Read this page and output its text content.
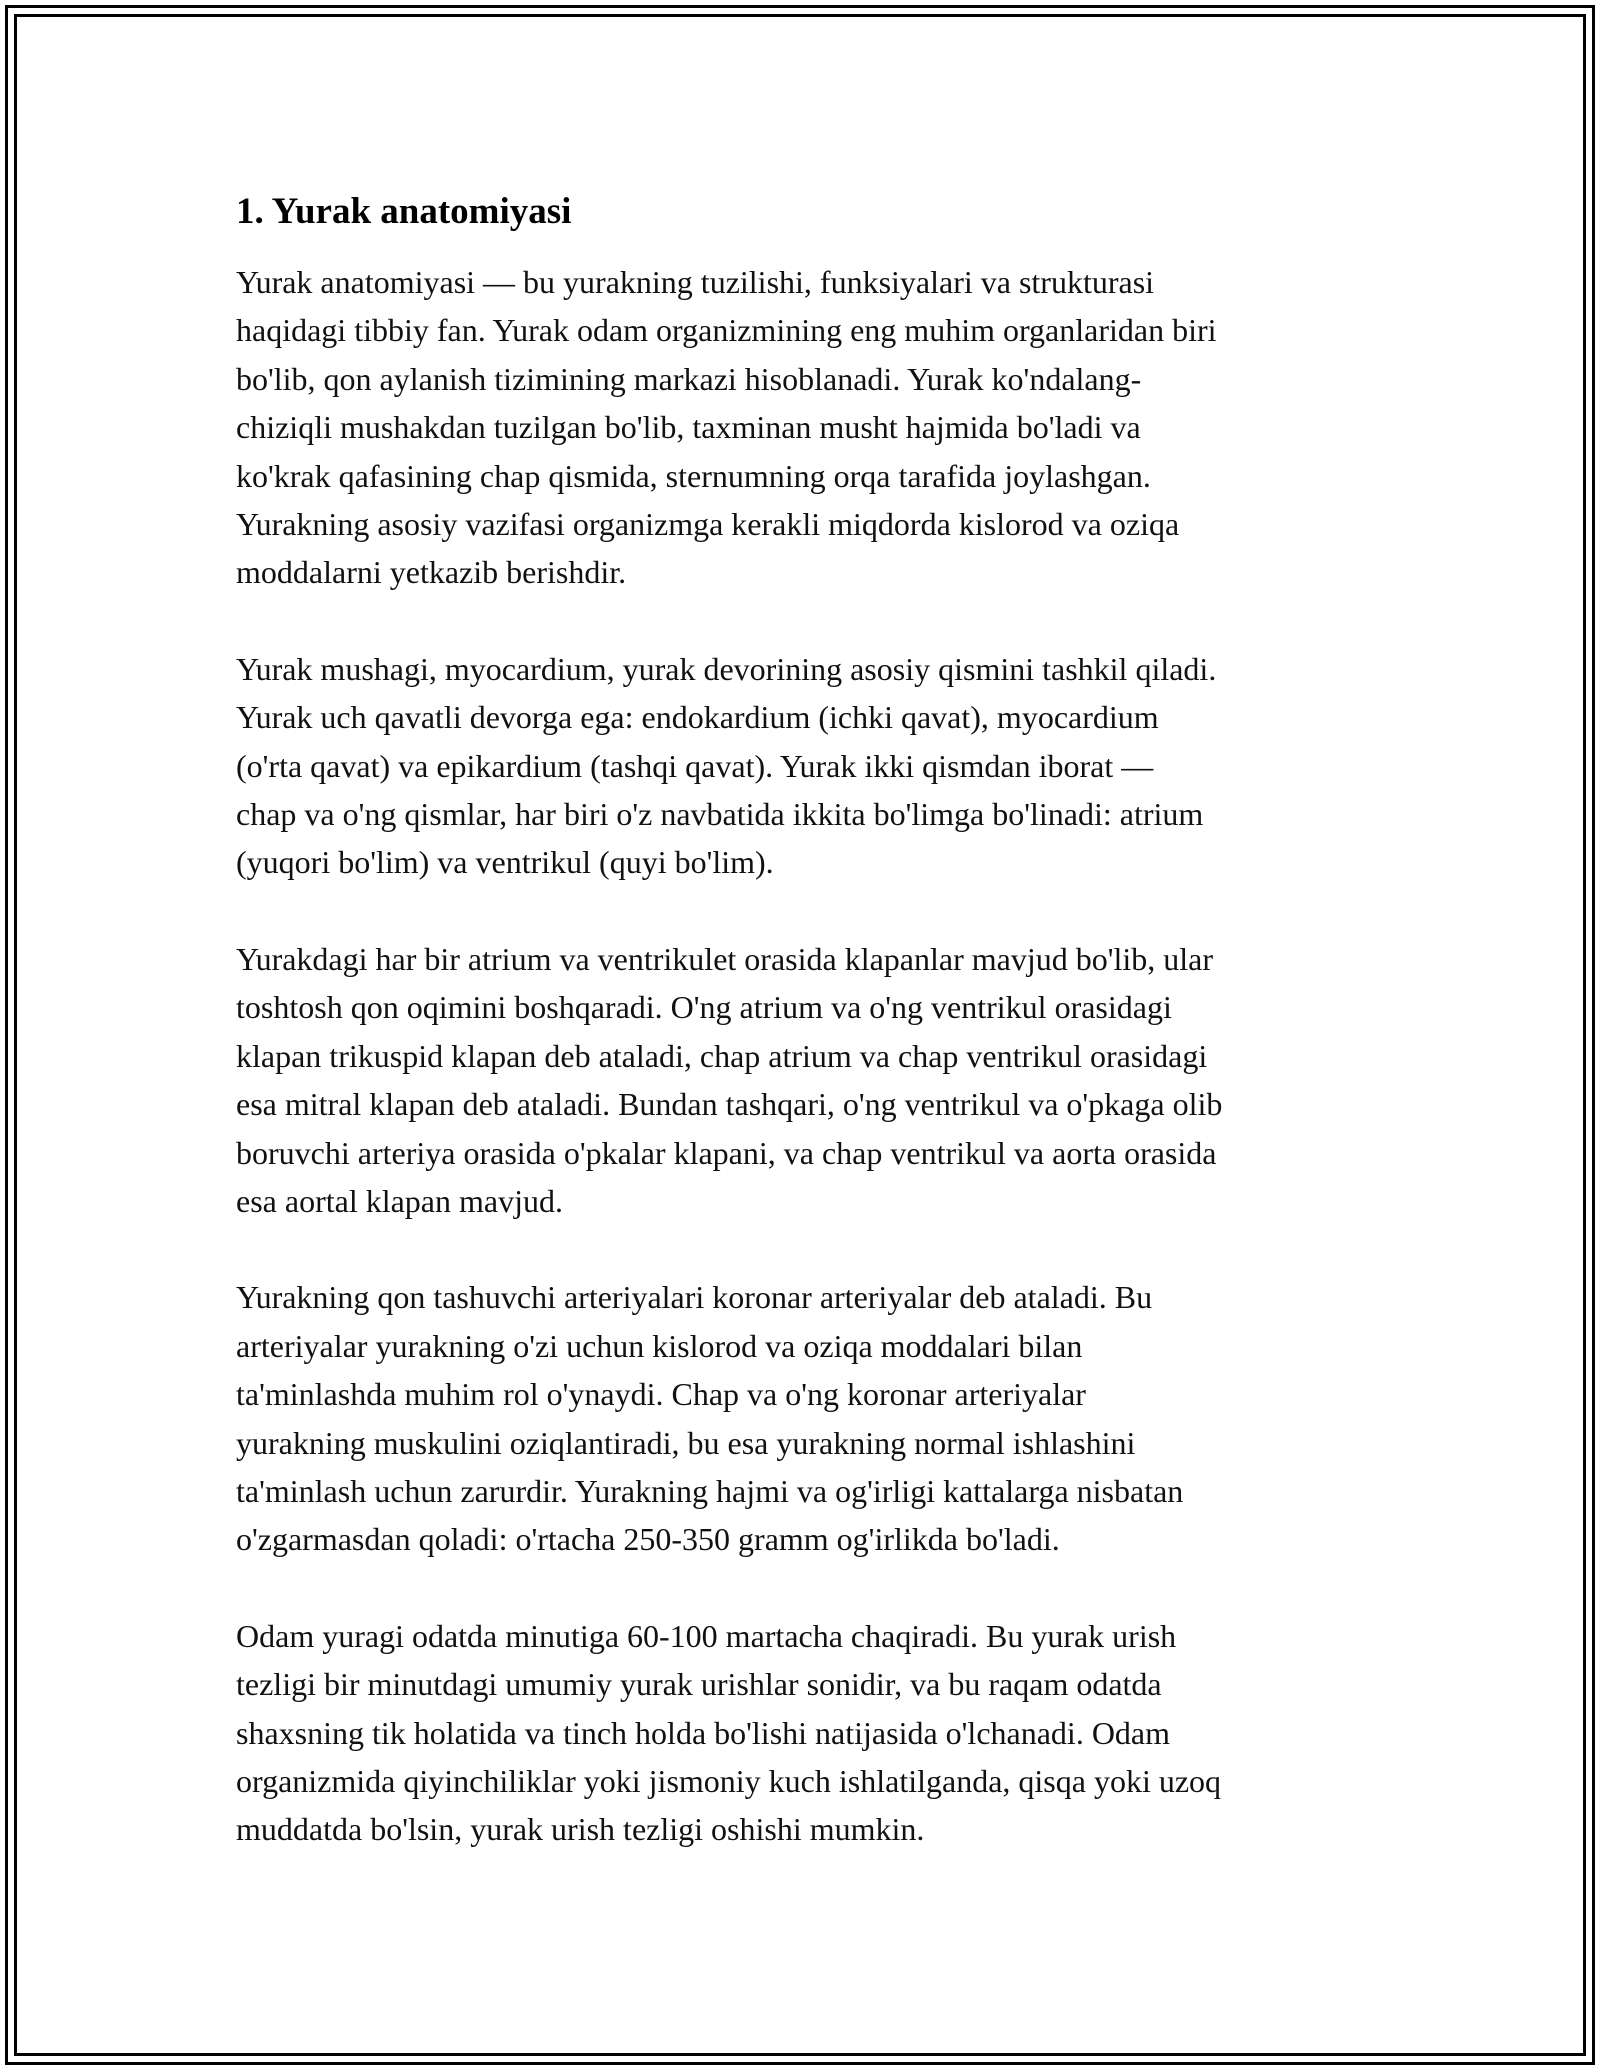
1. Yurak anatomiyasi

Yurak anatomiyasi — bu yurakning tuzilishi, funksiyalari va strukturasi
haqidagi tibbiy fan. Yurak odam organizmining eng muhim organlaridan biri
bo'lib, qon aylanish tizimining markazi hisoblanadi. Yurak ko'ndalang-
chiziqli mushakdan tuzilgan bo'lib, taxminan musht hajmida bo'ladi va
ko'krak qafasining chap qismida, sternumning orqa tarafida joylashgan.
Yurakning asosiy vazifasi organizmga kerakli miqdorda kislorod va oziqa
moddalarni yetkazib berishdir.

Yurak mushagi, myocardium, yurak devorining asosiy qismini tashkil qiladi.
Yurak uch qavatli devorga ega: endokardium (ichki qavat), myocardium
(o'rta qavat) va epikardium (tashqi qavat). Yurak ikki qismdan iborat —
chap va o'ng qismlar, har biri o'z navbatida ikkita bo'limga bo'linadi: atrium
(yuqori bo'lim) va ventrikul (quyi bo'lim).

Yurakdagi har bir atrium va ventrikulet orasida klapanlar mavjud bo'lib, ular
toshtosh qon oqimini boshqaradi. O'ng atrium va o'ng ventrikul orasidagi
klapan trikuspid klapan deb ataladi, chap atrium va chap ventrikul orasidagi
esa mitral klapan deb ataladi. Bundan tashqari, o'ng ventrikul va o'pkaga olib
boruvchi arteriya orasida o'pkalar klapani, va chap ventrikul va aorta orasida
esa aortal klapan mavjud.

Yurakning qon tashuvchi arteriyalari koronar arteriyalar deb ataladi. Bu
arteriyalar yurakning o'zi uchun kislorod va oziqa moddalari bilan
ta'minlashda muhim rol o'ynaydi. Chap va o'ng koronar arteriyalar
yurakning muskulini oziqlantiradi, bu esa yurakning normal ishlashini
ta'minlash uchun zarurdir. Yurakning hajmi va og'irligi kattalarga nisbatan
o'zgarmasdan qoladi: o'rtacha 250-350 gramm og'irlikda bo'ladi.

Odam yuragi odatda minutiga 60-100 martacha chaqiradi. Bu yurak urish
tezligi bir minutdagi umumiy yurak urishlar sonidir, va bu raqam odatda
shaxsning tik holatida va tinch holda bo'lishi natijasida o'lchanadi. Odam
organizmida qiyinchiliklar yoki jismoniy kuch ishlatilganda, qisqa yoki uzoq
muddatda bo'lsin, yurak urish tezligi oshishi mumkin.
